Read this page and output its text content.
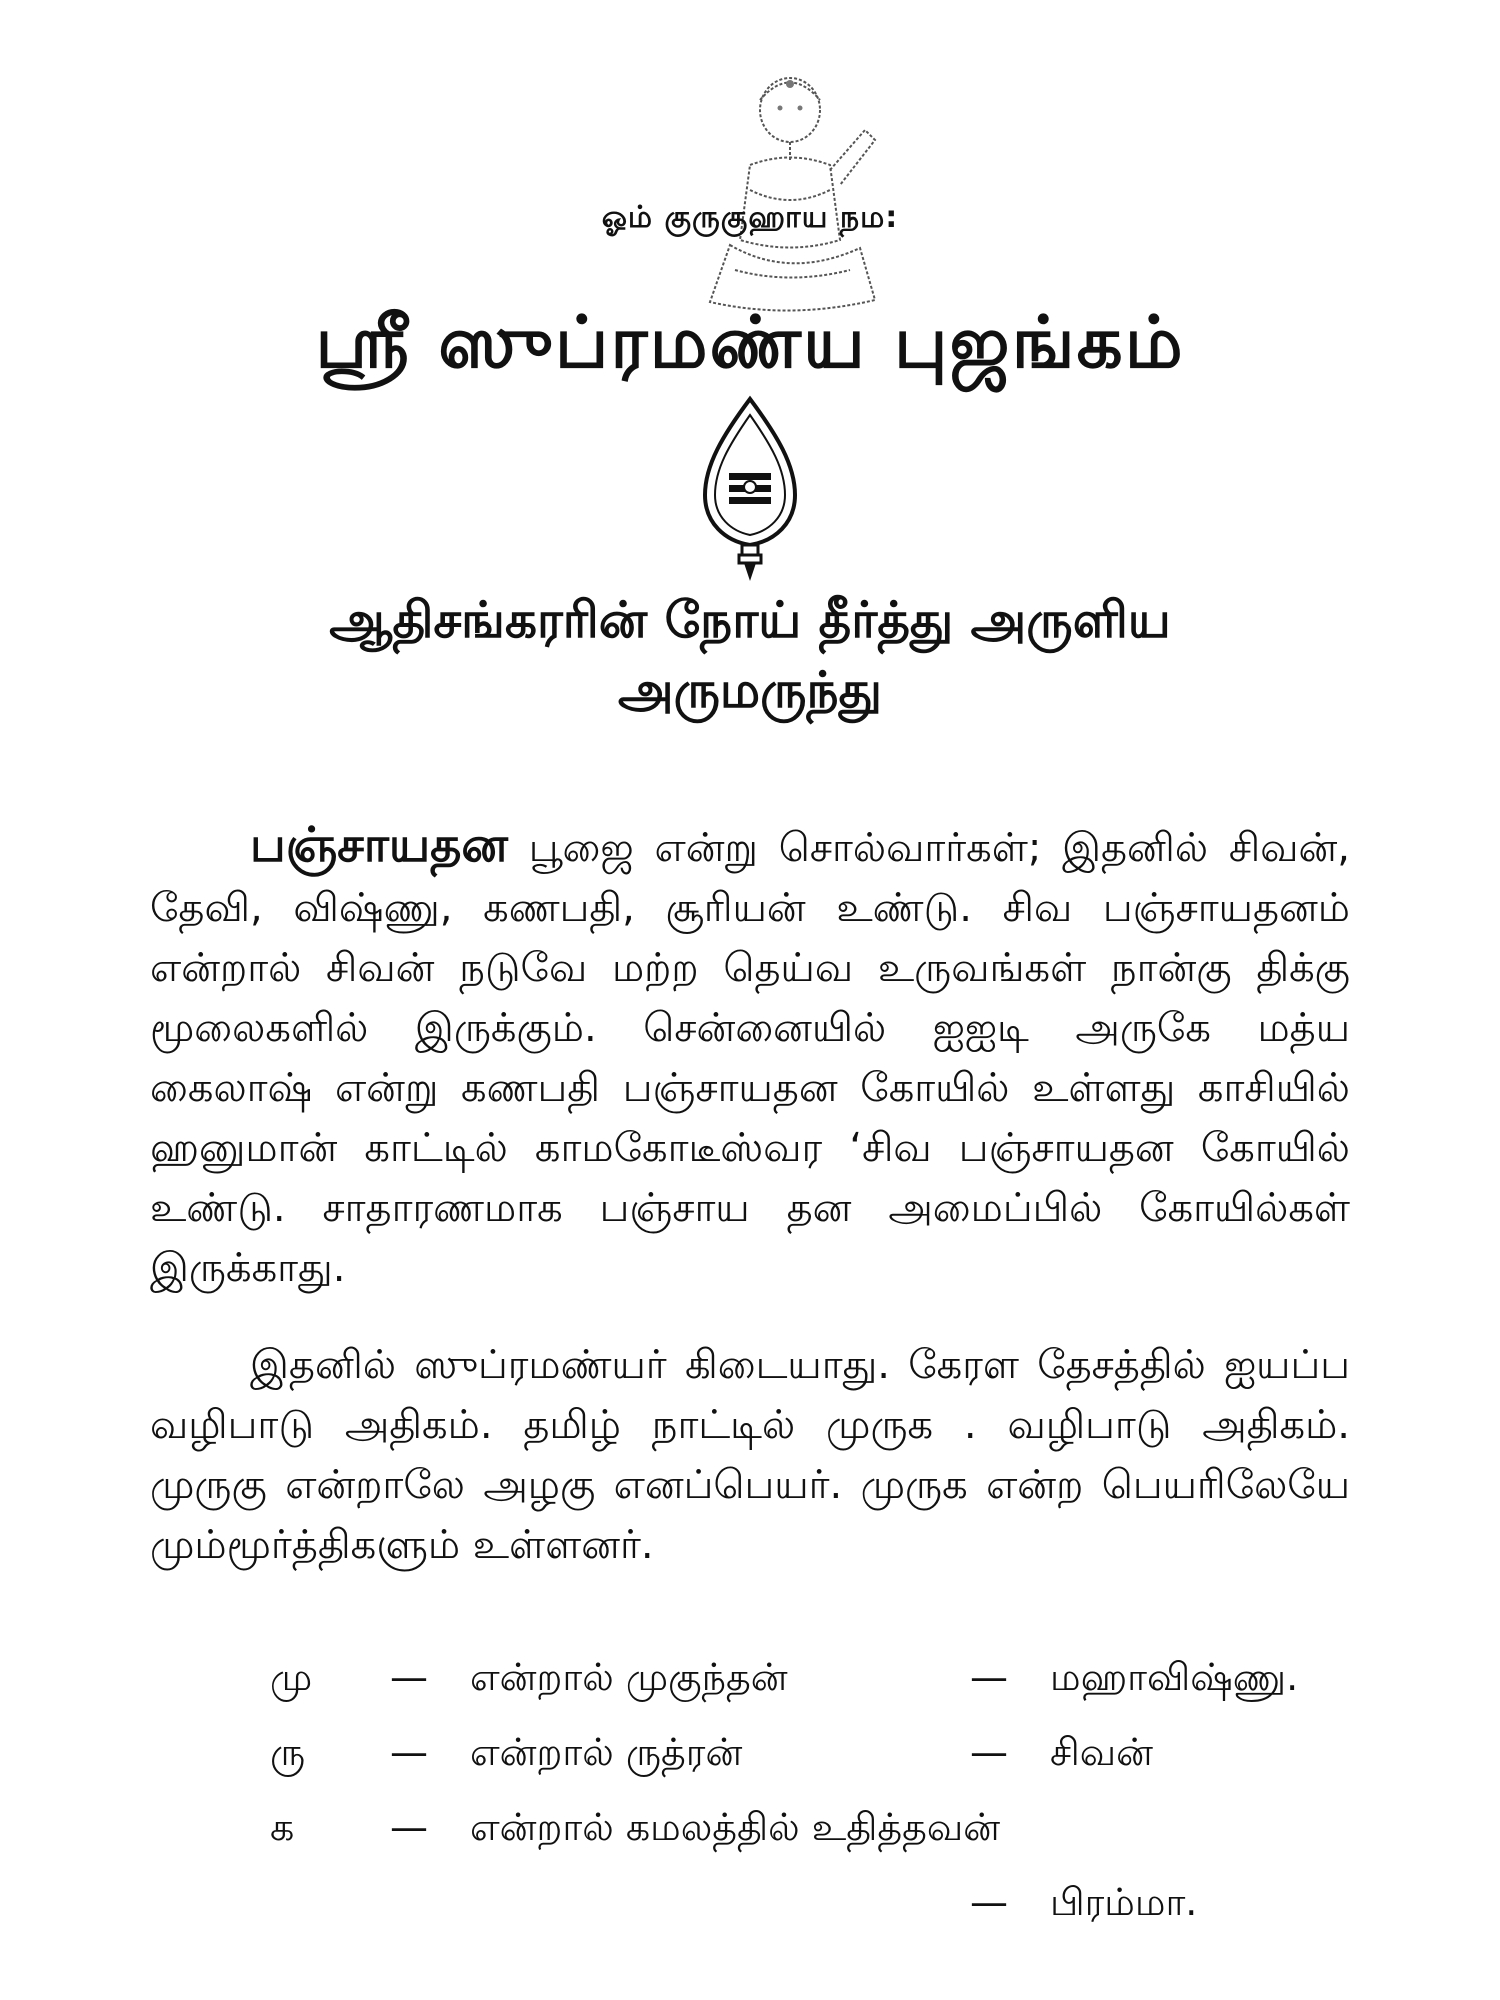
ஓம் குருகுஹாய நம:
ஸ்ரீ ஸுப்ரமண்ய புஜங்கம்
ஆதிசங்கரரின் நோய் தீர்த்து அருளிய
அருமருந்து
பஞ்சாயதன பூஜை என்று சொல்வார்கள்; இதனில் சிவன், தேவி, விஷ்ணு, கணபதி, சூரியன் உண்டு. சிவ பஞ்சாயதனம் என்றால் சிவன் நடுவே மற்ற தெய்வ உருவங்கள் நான்கு திக்கு மூலைகளில் இருக்கும். சென்னையில் ஐஐடி அருகே மத்ய கைலாஷ் என்று கணபதி பஞ்சாயதன கோயில் உள்ளது காசியில் ஹனுமான் காட்டில் காமகோடீஸ்வர ‘சிவ பஞ்சாயதன கோயில் உண்டு. சாதாரணமாக பஞ்சாய தன அமைப்பில் கோயில்கள் இருக்காது.
இதனில் ஸுப்ரமண்யர் கிடையாது. கேரள தேசத்தில் ஐயப்ப வழிபாடு அதிகம். தமிழ் நாட்டில் முருக . வழிபாடு அதிகம். முருகு என்றாலே அழகு எனப்பெயர். முருக என்ற பெயரிலேயே மும்மூர்த்திகளும் உள்ளனர்.
மு — என்றால் முகுந்தன்	— மஹாவிஷ்ணு.
ரு — என்றால் ருத்ரன்	— சிவன்
க	— என்றால் கமலத்தில் உதித்தவன்
— பிரம்மா.
